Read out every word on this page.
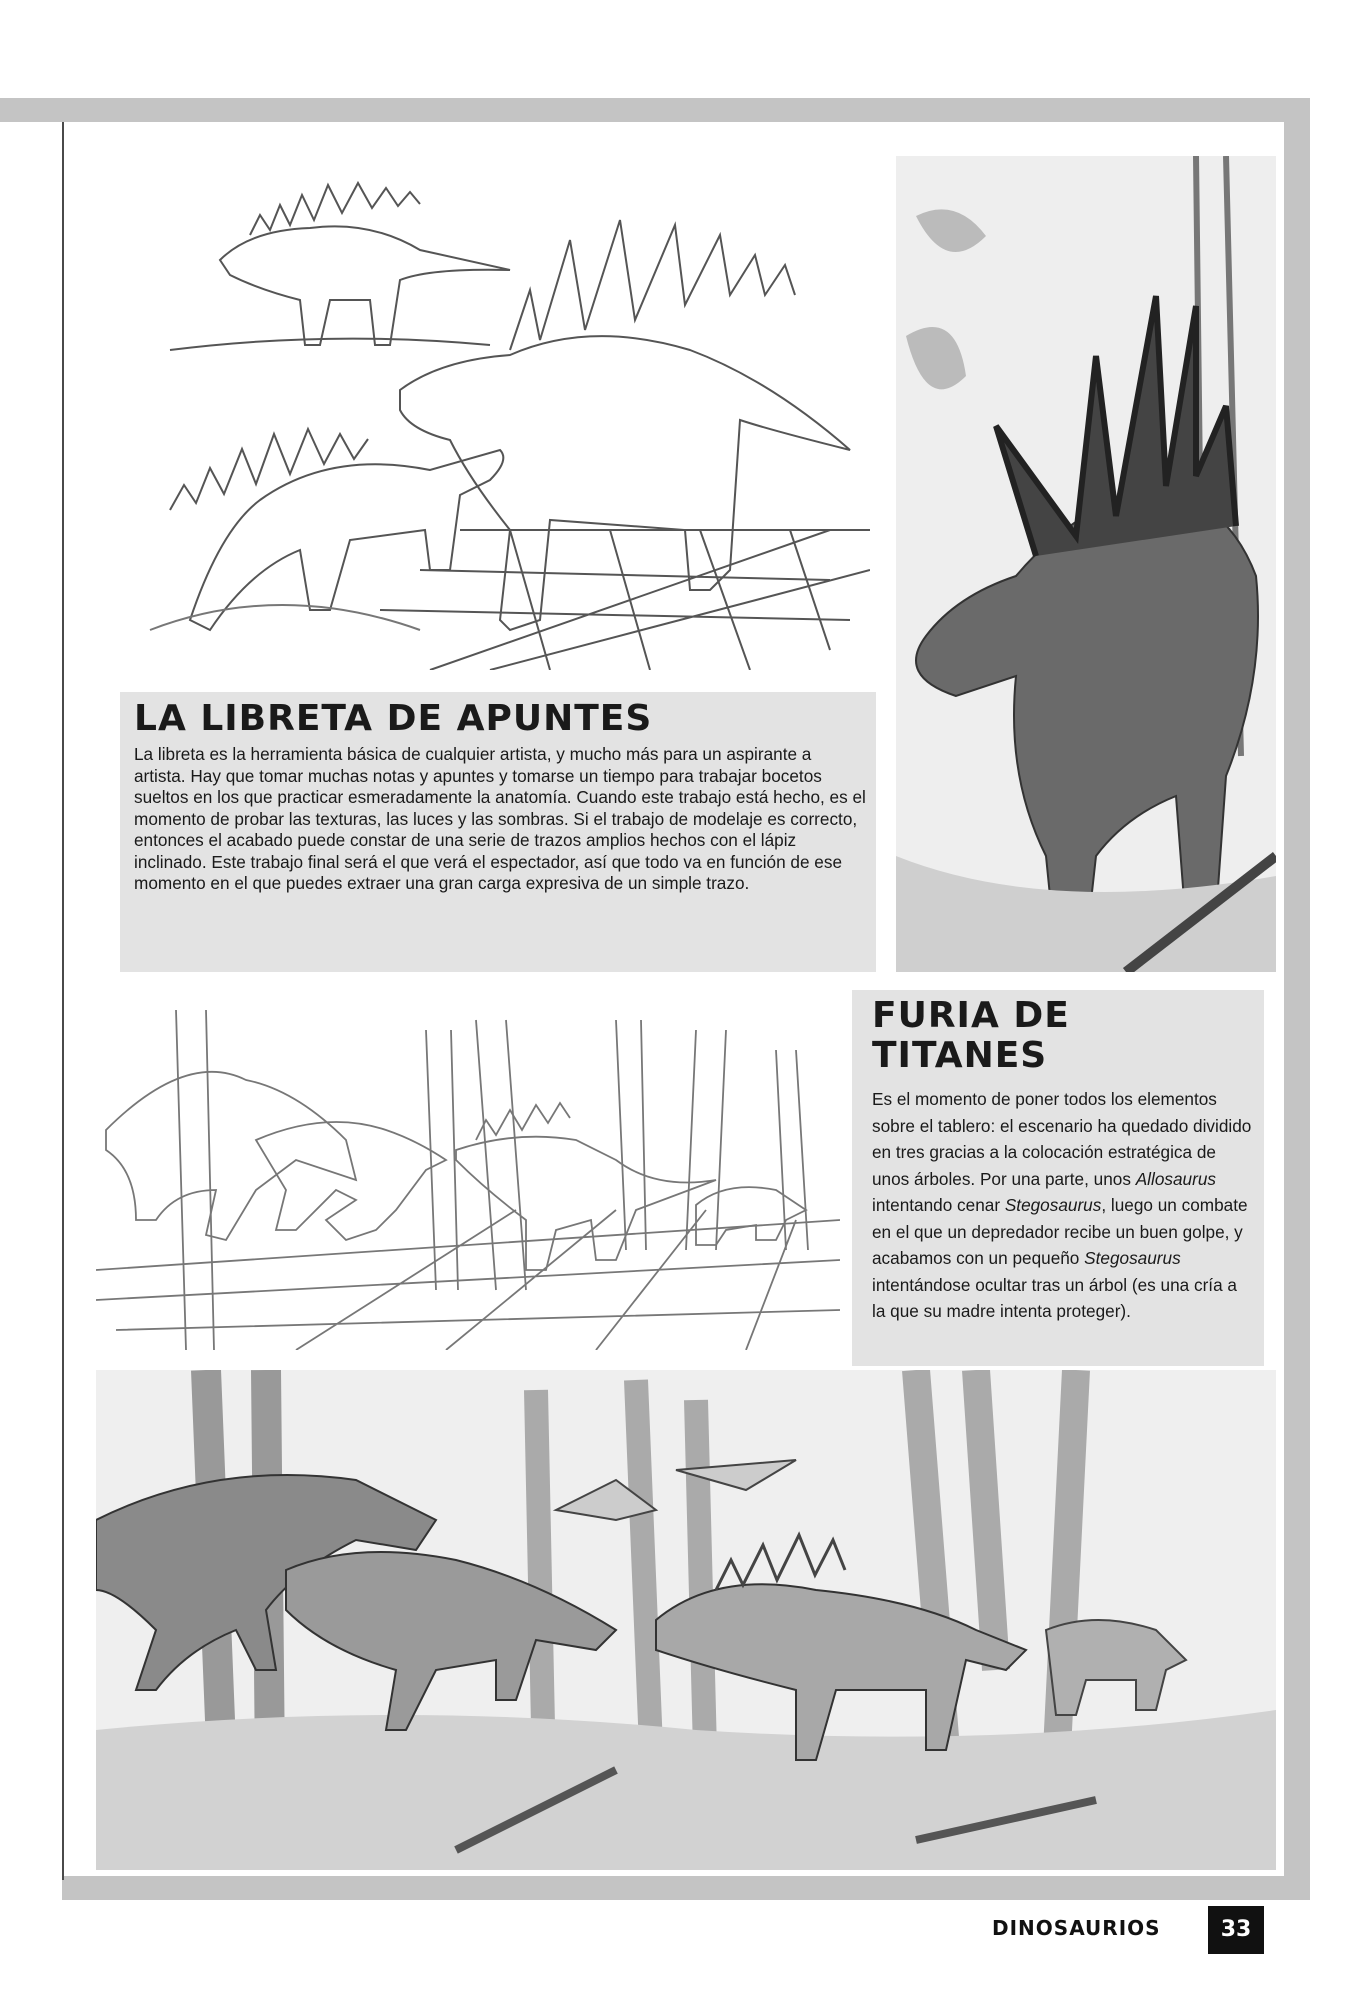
LA LIBRETA DE APUNTES

La libreta es la herramienta básica de cualquier artista, y mucho más para un aspirante a artista. Hay que tomar muchas notas y apuntes y tomarse un tiempo para trabajar bocetos sueltos en los que practicar esmeradamente la anatomía. Cuando este trabajo está hecho, es el momento de probar las texturas, las luces y las sombras. Si el trabajo de modelaje es correcto, entonces el acabado puede constar de una serie de trazos amplios hechos con el lápiz inclinado. Este trabajo final será el que verá el espectador, así que todo va en función de ese momento en el que puedes extraer una gran carga expresiva de un simple trazo.

FURIA DE
TITANES

Es el momento de poner todos los elementos sobre el tablero: el escenario ha quedado dividido en tres gracias a la colocación estratégica de unos árboles. Por una parte, unos Allosaurus intentando cenar Stegosaurus, luego un combate en el que un depredador recibe un buen golpe, y acabamos con un pequeño Stegosaurus intentándose ocultar tras un árbol (es una cría a la que su madre intenta proteger).

DINOSAURIOS	33
